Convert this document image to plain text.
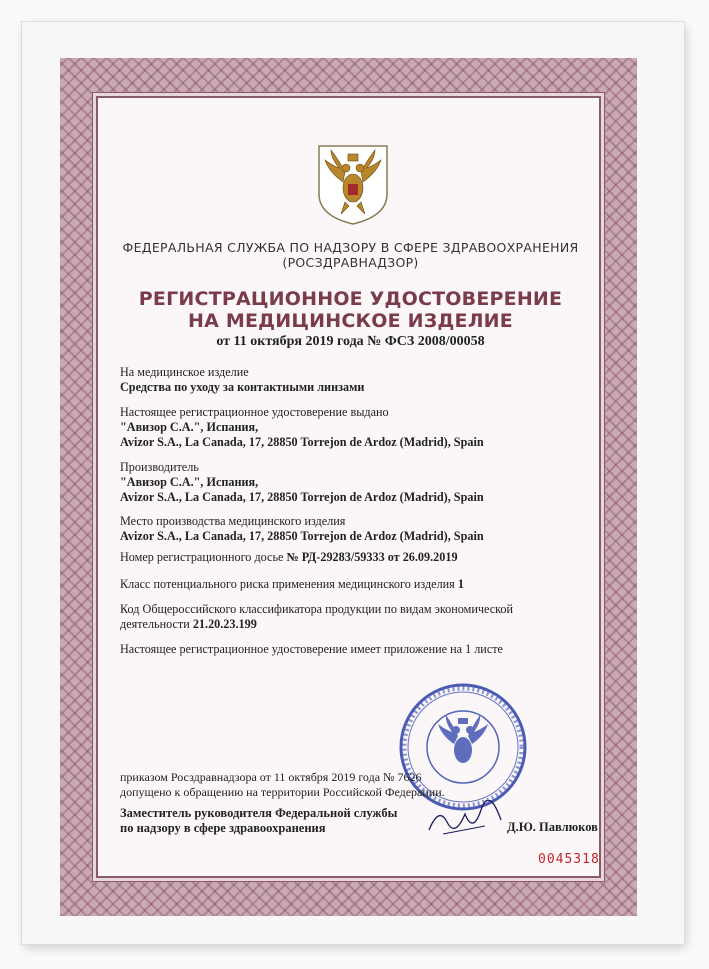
ФЕДЕРАЛЬНАЯ СЛУЖБА ПО НАДЗОРУ В СФЕРЕ ЗДРАВООХРАНЕНИЯ
(РОСЗДРАВНАДЗОР)
РЕГИСТРАЦИОННОЕ УДОСТОВЕРЕНИЕ
НА МЕДИЦИНСКОЕ ИЗДЕЛИЕ
от 11 октября 2019 года № ФСЗ 2008/00058
На медицинское изделие
Средства по уходу за контактными линзами
Настоящее регистрационное удостоверение выдано
"Авизор С.А.", Испания,
Avizor S.A., La Canada, 17, 28850 Torrejon de Ardoz (Madrid), Spain
Производитель
"Авизор С.А.", Испания,
Avizor S.A., La Canada, 17, 28850 Torrejon de Ardoz (Madrid), Spain
Место производства медицинского изделия
Avizor S.A., La Canada, 17, 28850 Torrejon de Ardoz (Madrid), Spain
Номер регистрационного досье № РД-29283/59333 от 26.09.2019
Класс потенциального риска применения медицинского изделия 1
Код Общероссийского классификатора продукции по видам экономической
деятельности 21.20.23.199
Настоящее регистрационное удостоверение имеет приложение на 1 листе
приказом Росздравнадзора от 11 октября 2019 года № 7626
допущено к обращению на территории Российской Федерации.
Заместитель руководителя Федеральной службы
по надзору в сфере здравоохранения	Д.Ю. Павлюков
0045318
